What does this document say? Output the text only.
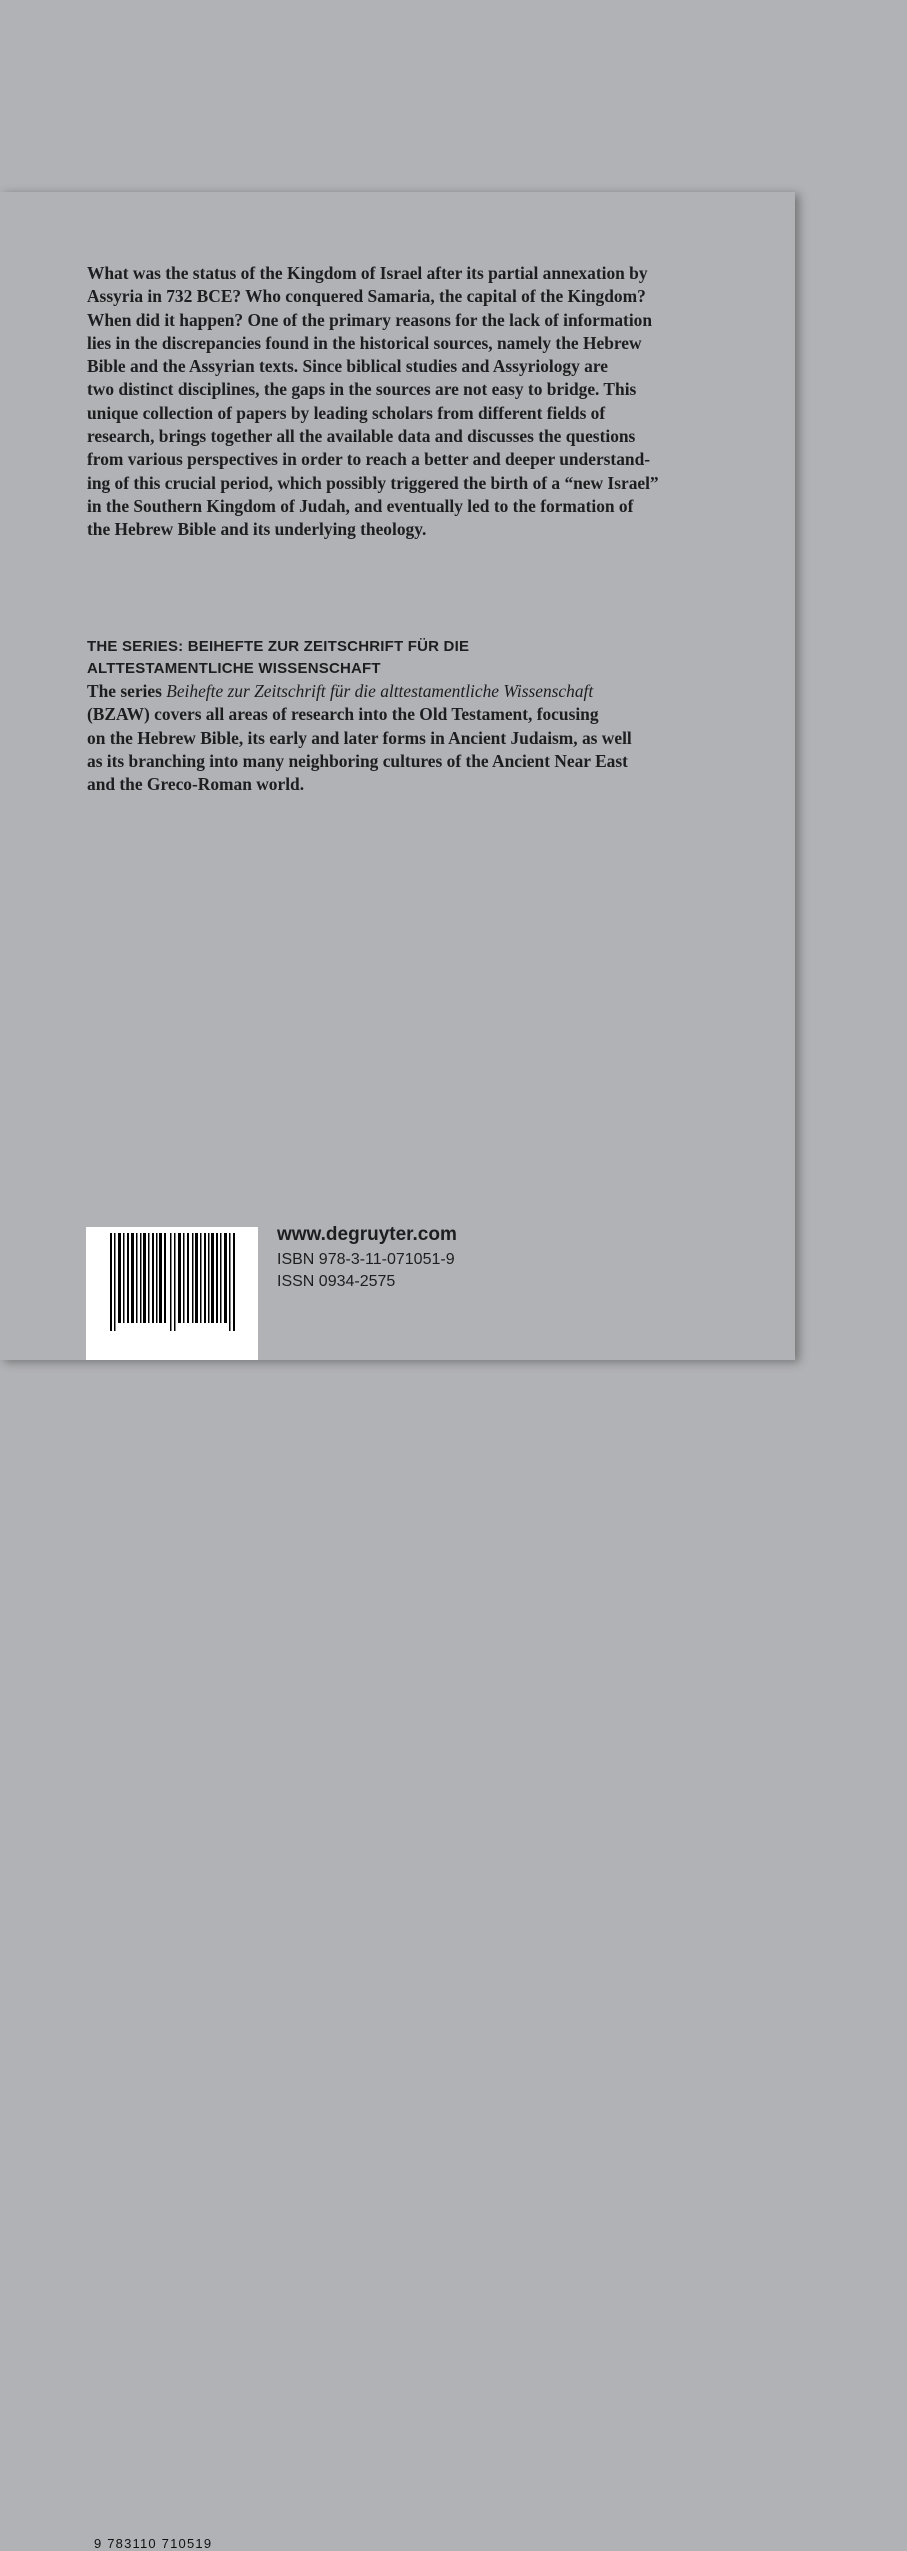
What was the status of the Kingdom of Israel after its partial annexation by
Assyria in 732 BCE? Who conquered Samaria, the capital of the Kingdom?
When did it happen? One of the primary reasons for the lack of information
lies in the discrepancies found in the historical sources, namely the Hebrew
Bible and the Assyrian texts. Since biblical studies and Assyriology are
two distinct disciplines, the gaps in the sources are not easy to bridge. This
unique collection of papers by leading scholars from different fields of
research, brings together all the available data and discusses the questions
from various perspectives in order to reach a better and deeper understand-
ing of this crucial period, which possibly triggered the birth of a “new Israel”
in the Southern Kingdom of Judah, and eventually led to the formation of
the Hebrew Bible and its underlying theology.
THE SERIES: BEIHEFTE ZUR ZEITSCHRIFT FÜR DIE
ALTTESTAMENTLICHE WISSENSCHAFT
The series Beihefte zur Zeitschrift für die alttestamentliche Wissenschaft
(BZAW) covers all areas of research into the Old Testament, focusing
on the Hebrew Bible, its early and later forms in Ancient Judaism, as well
as its branching into many neighboring cultures of the Ancient Near East
and the Greco-Roman world.
9 783110 710519
www.degruyter.com
ISBN 978-3-11-071051-9
ISSN 0934-2575
